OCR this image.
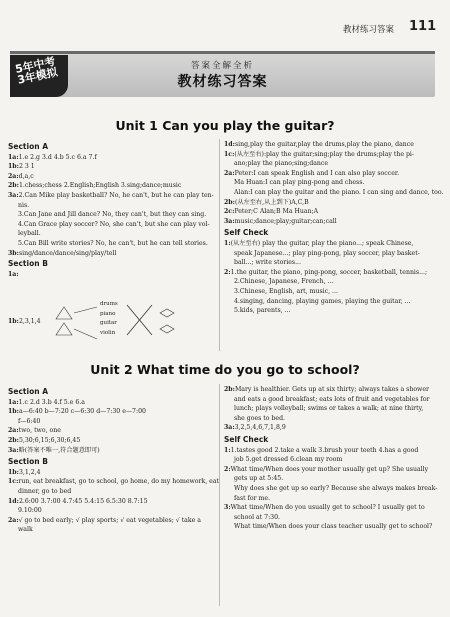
教材练习答案 111
5年中考3年模拟	答案全解全析
教材练习答案
Unit 1 Can you play the guitar?
Section A
1a:1.e 2.g 3.d 4.b 5.c 6.a 7.f
1b:2 3 1
2a:d,a,c
2b:1.chess;chess 2.English;English 3.sing;dance;music
3a:2.Can Mike play basketball? No, he can't, but he can play ten-
nis.
3.Can Jane and Jill dance? No, they can't, but they can sing.
4.Can Grace play soccer? No, she can't, but she can play vol-
leyball.
5.Can Bill write stories? No, he can't, but he can tell stories.
3b:sing/dance/dance/sing/play/tell
Section B
1a:
1b:2,3,1,4
drums
piano
guitar
violin
1d:sing,play the guitar,play the drums,play the piano, dance
1c:(从左至右):play the guitar;sing;play the drums;play the pi-
ano;play the piano;sing;dance
2a:Peter:I can speak English and I can also play soccer.
Ma Huan:I can play ping-pong and chess.
Alan:I can play the guitar and the piano. I can sing and dance, too.
2b:(从左至右,从上到下)A,C,B
2c:Peter;C Alan;B Ma Huan;A
3a:music;dance;play;guitar;can;call
Self Check
1:(从左至右) play the guitar, play the piano...; speak Chinese,
speak Japanese...; play ping-pong, play soccer, play basket-
ball...; write stories...
2:1.the guitar, the piano, ping-pong, soccer, basketball, tennis...;
2.Chinese, Japanese, French, ...
3.Chinese, English, art, music, ...
4.singing, dancing, playing games, playing the guitar, ...
5.kids, parents, ...
Unit 2 What time do you go to school?
Section A
1a:1.c 2.d 3.b 4.f 5.e 6.a
1b:a—6:40 b—7:20 c—6:30 d—7:30 e—7:00
f—6:40
2a:two, two, one
2b:5,30;6,15;6,30;6,45
3a:略(答案不唯一,符合题意即可)
Section B
1b:3,1,2,4
1c:run, eat breakfast, go to school, go home, do my homework, eat
dinner, go to bed
1d:2.6:00 3.7:00 4.7:45 5.4:15 6.5:30 8.7:15
9.10:00
2a:√ go to bed early; √ play sports; √ eat vegetables; √ take a
walk
2b:Mary is healthier. Gets up at six thirty; always takes a shower
and eats a good breakfast; eats lots of fruit and vegetables for
lunch; plays volleyball; swims or takes a walk; at nine thirty,
she goes to bed.
3a:3,2,5,4,6,7,1,8,9
Self Check
1:1.tastes good 2.take a walk 3.brush your teeth 4.has a good
job 5.get dressed 6.clean my room
2:What time/When does your mother usually get up? She usually
gets up at 5:45.
Why does she get up so early? Because she always makes break-
fast for me.
3:What time/When do you usually get to school? I usually get to
school at 7:30.
What time/When does your class teacher usually get to school?
